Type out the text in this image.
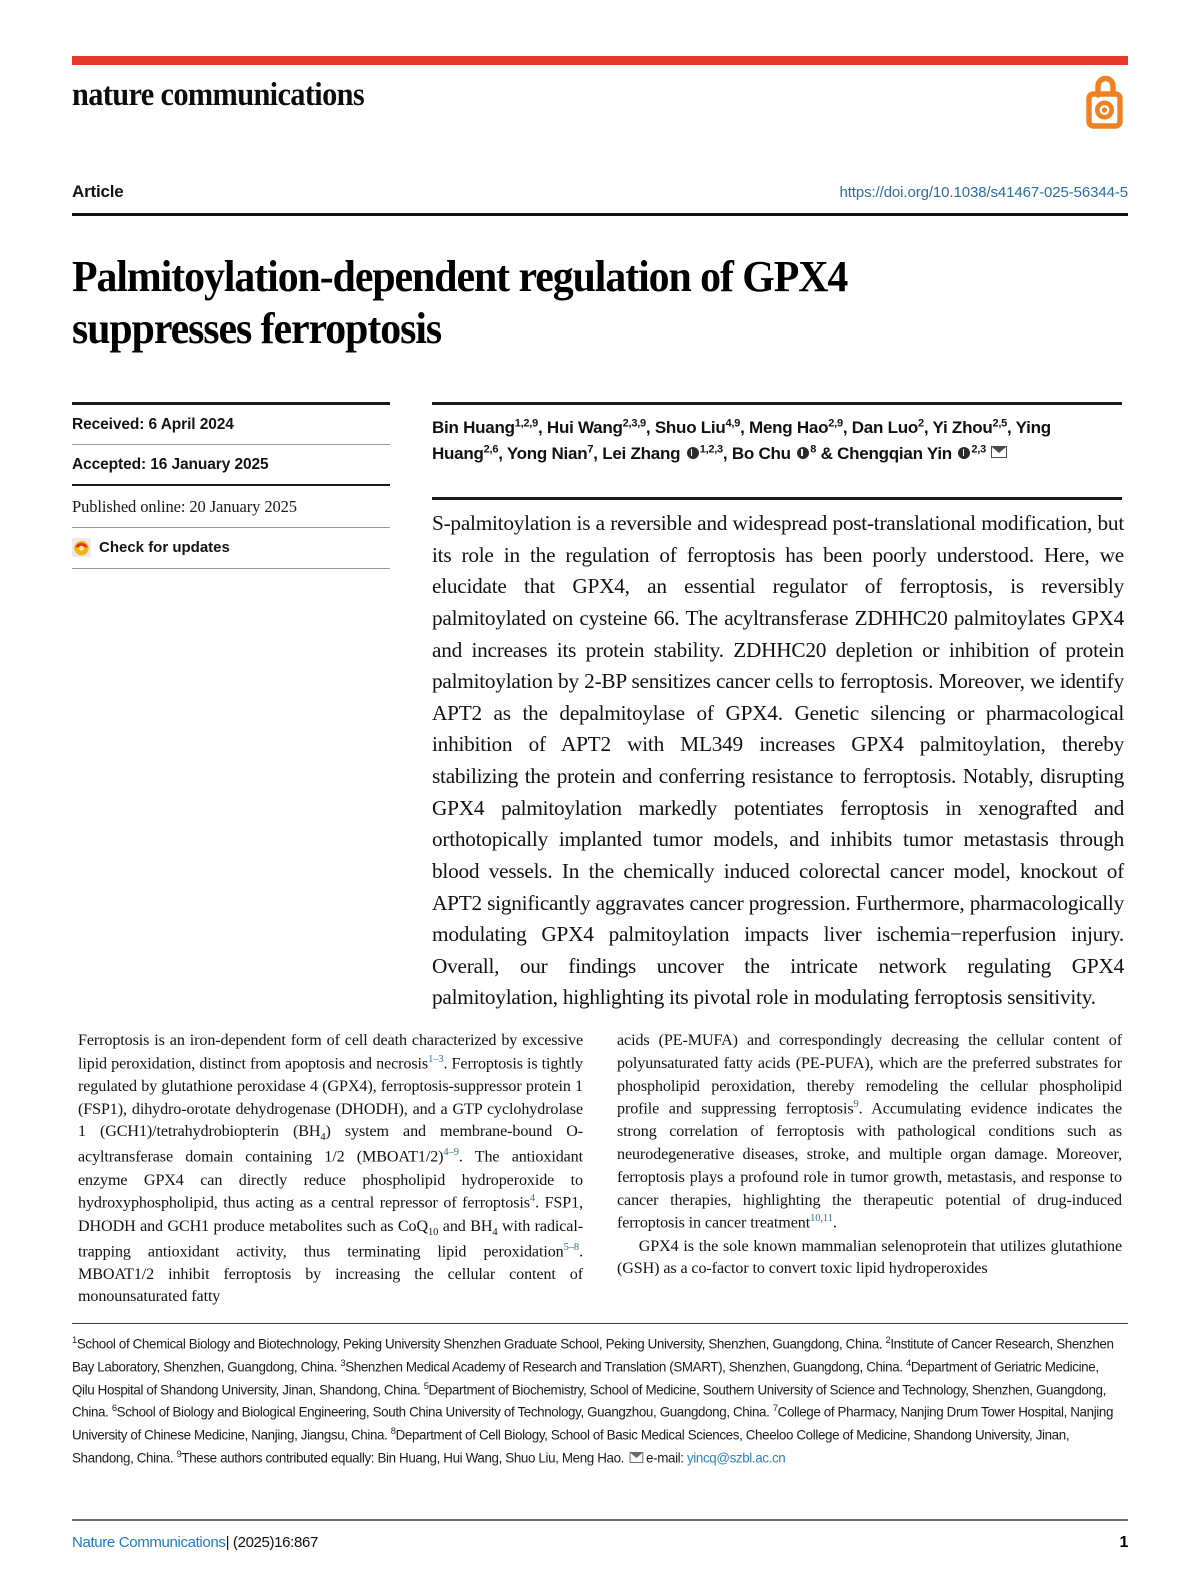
nature communications
Article	https://doi.org/10.1038/s41467-025-56344-5
Palmitoylation-dependent regulation of GPX4 suppresses ferroptosis
Received: 6 April 2024
Accepted: 16 January 2025
Published online: 20 January 2025
Check for updates
Bin Huang$^{1,2,9}$, Hui Wang$^{2,3,9}$, Shuo Liu$^{4,9}$, Meng Hao$^{2,9}$, Dan Luo$^2$, Yi Zhou$^{2,5}$, Ying Huang$^{2,6}$, Yong Nian$^7$, Lei Zhang $^{1,2,3}$, Bo Chu $^8$ & Chengqian Yin $^{2,3}$
S-palmitoylation is a reversible and widespread post-translational modification, but its role in the regulation of ferroptosis has been poorly understood. Here, we elucidate that GPX4, an essential regulator of ferroptosis, is reversibly palmitoylated on cysteine 66. The acyltransferase ZDHHC20 palmitoylates GPX4 and increases its protein stability. ZDHHC20 depletion or inhibition of protein palmitoylation by 2-BP sensitizes cancer cells to ferroptosis. Moreover, we identify APT2 as the depalmitoylase of GPX4. Genetic silencing or pharmacological inhibition of APT2 with ML349 increases GPX4 palmitoylation, thereby stabilizing the protein and conferring resistance to ferroptosis. Notably, disrupting GPX4 palmitoylation markedly potentiates ferroptosis in xenografted and orthotopically implanted tumor models, and inhibits tumor metastasis through blood vessels. In the chemically induced colorectal cancer model, knockout of APT2 significantly aggravates cancer progression. Furthermore, pharmacologically modulating GPX4 palmitoylation impacts liver ischemia−reperfusion injury. Overall, our findings uncover the intricate network regulating GPX4 palmitoylation, highlighting its pivotal role in modulating ferroptosis sensitivity.

Ferroptosis is an iron-dependent form of cell death characterized by excessive lipid peroxidation, distinct from apoptosis and necrosis$^{1-3}$. Ferroptosis is tightly regulated by glutathione peroxidase 4 (GPX4), ferroptosis-suppressor protein 1 (FSP1), dihydro-orotate dehydrogenase (DHODH), and a GTP cyclohydrolase 1 (GCH1)/tetrahydrobiopterin $(BH_4)$ system and membrane-bound O-acyltransferase domain containing 1/2 (MBOAT1/2)$^{4-9}$. The antioxidant enzyme GPX4 can directly reduce phospholipid hydroperoxide to hydroxyphospholipid, thus acting as a central repressor of ferroptosis$^4$. FSP1, DHODH and GCH1 produce metabolites such as CoQ$_{10}$ and $BH_4$ with radical-trapping antioxidant activity, thus terminating lipid peroxidation$^{5-8}$. MBOAT1/2 inhibit ferroptosis by increasing the cellular content of monounsaturated fatty

acids (PE-MUFA) and correspondingly decreasing the cellular content of polyunsaturated fatty acids (PE-PUFA), which are the preferred substrates for phospholipid peroxidation, thereby remodeling the cellular phospholipid profile and suppressing ferroptosis$^9$. Accumulating evidence indicates the strong correlation of ferroptosis with pathological conditions such as neurodegenerative diseases, stroke, and multiple organ damage. Moreover, ferroptosis plays a profound role in tumor growth, metastasis, and response to cancer therapies, highlighting the therapeutic potential of drug-induced ferroptosis in cancer treatment$^{10,11}$.

GPX4 is the sole known mammalian selenoprotein that utilizes glutathione (GSH) as a co-factor to convert toxic lipid hydroperoxides

$^1$School of Chemical Biology and Biotechnology, Peking University Shenzhen Graduate School, Peking University, Shenzhen, Guangdong, China. $^2$Institute of Cancer Research, Shenzhen Bay Laboratory, Shenzhen, Guangdong, China. $^3$Shenzhen Medical Academy of Research and Translation (SMART), Shenzhen, Guangdong, China. $^4$Department of Geriatric Medicine, Qilu Hospital of Shandong University, Jinan, Shandong, China. $^5$Department of Biochemistry, School of Medicine, Southern University of Science and Technology, Shenzhen, Guangdong, China. $^6$School of Biology and Biological Engineering, South China University of Technology, Guangzhou, Guangdong, China. $^7$College of Pharmacy, Nanjing Drum Tower Hospital, Nanjing University of Chinese Medicine, Nanjing, Jiangsu, China. $^8$Department of Cell Biology, School of Basic Medical Sciences, Cheeloo College of Medicine, Shandong University, Jinan, Shandong, China. $^9$These authors contributed equally: Bin Huang, Hui Wang, Shuo Liu, Meng Hao. e-mail: yincq@szbl.ac.cn
Nature Communications| (2025)16:867	1
